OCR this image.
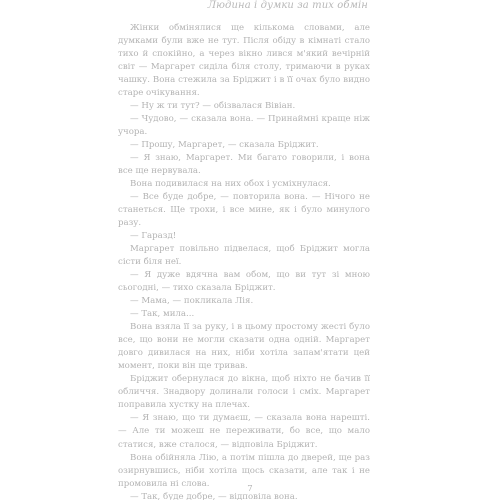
Людина і думки за тих обмін

Жінки обмінялися ще кількома словами, але думками були вже не тут. Після обіду в кімнаті стало тихо й спокійно, а через вікно лився м'який вечірній світ — Маргарет сиділа біля столу, тримаючи в руках чашку. Вона стежила за Бріджит і в її очах було видно старе очікування.

— Ну ж ти тут? — обізвалася Вівіан.

— Чудово, — сказала вона. — Принаймні краще ніж учора.

— Прошу, Маргарет, — сказала Бріджит.

— Я знаю, Маргарет. Ми багато говорили, і вона все ще нервувала.

Вона подивилася на них обох і усміхнулася.

— Все буде добре, — повторила вона. — Нічого не станеться. Ще трохи, і все мине, як і було минулого разу.

— Гаразд!

Маргарет повільно підвелася, щоб Бріджит могла сісти біля неї.

— Я дуже вдячна вам обом, що ви тут зі мною сьогодні, — тихо сказала Бріджит.

— Мама, — покликала Лія.

— Так, мила...

Вона взяла її за руку, і в цьому простому жесті було все, що вони не могли сказати одна одній. Маргарет довго дивилася на них, ніби хотіла запам'ятати цей момент, поки він ще тривав.

Бріджит обернулася до вікна, щоб ніхто не бачив її обличчя. Знадвору долинали голоси і сміх. Маргарет поправила хустку на плечах.

— Я знаю, що ти думаєш, — сказала вона нарешті. — Але ти можеш не переживати, бо все, що мало статися, вже сталося, — відповіла Бріджит.

Вона обійняла Лію, а потім пішла до дверей, ще раз озирнувшись, ніби хотіла щось сказати, але так і не промовила ні слова.

— Так, буде добре, — відповіла вона.

7
